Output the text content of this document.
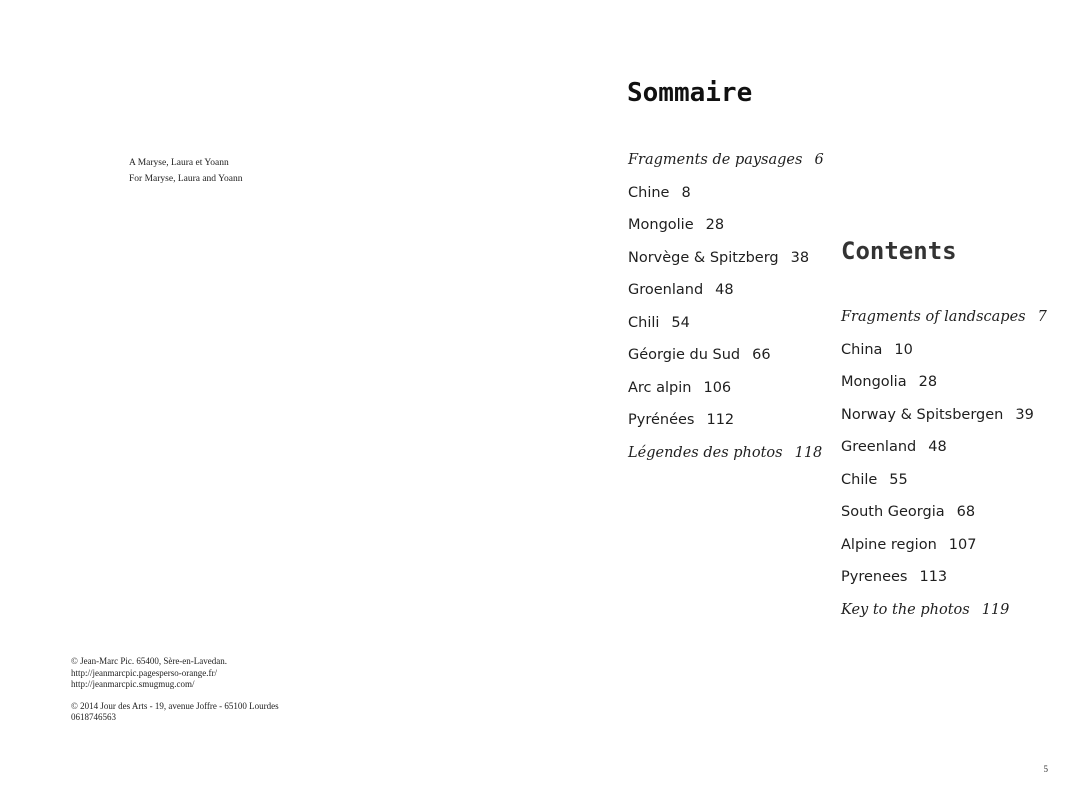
A Maryse, Laura et Yoann
For Maryse, Laura and Yoann
© Jean-Marc Pic. 65400, Sère-en-Lavedan.
http://jeanmarcpic.pagesperso-orange.fr/
http://jeanmarcpic.smugmug.com/
© 2014 Jour des Arts - 19, avenue Joffre - 65100 Lourdes
0618746563
Sommaire
Fragments de paysages 6
Chine 8
Mongolie 28
Norvège & Spitzberg 38
Groenland 48
Chili 54
Géorgie du Sud 66
Arc alpin 106
Pyrénées 112
Légendes des photos 118
Contents
Fragments of landscapes 7
China 10
Mongolia 28
Norway & Spitsbergen 39
Greenland 48
Chile 55
South Georgia 68
Alpine region 107
Pyrenees 113
Key to the photos 119
5
